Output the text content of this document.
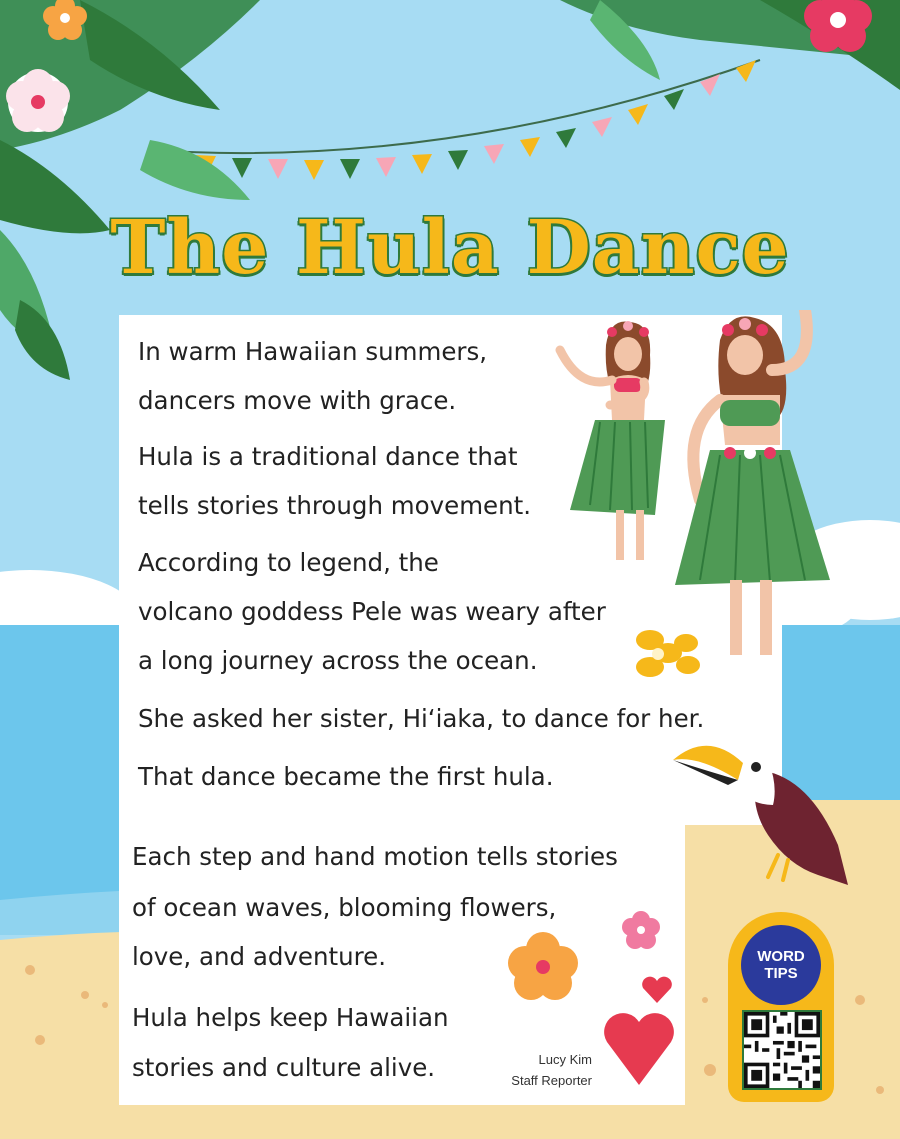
The Hula Dance
In warm Hawaiian summers,
dancers move with grace.
Hula is a traditional dance that
tells stories through movement.
According to legend, the
volcano goddess Pele was weary after
a long journey across the ocean.
She asked her sister, Hi‘iaka, to dance for her.
That dance became the first hula.
Each step and hand motion tells stories
of ocean waves, blooming flowers,
love, and adventure.
Hula helps keep Hawaiian
stories and culture alive.	Lucy Kim
Staff Reporter
WORD
TIPS
